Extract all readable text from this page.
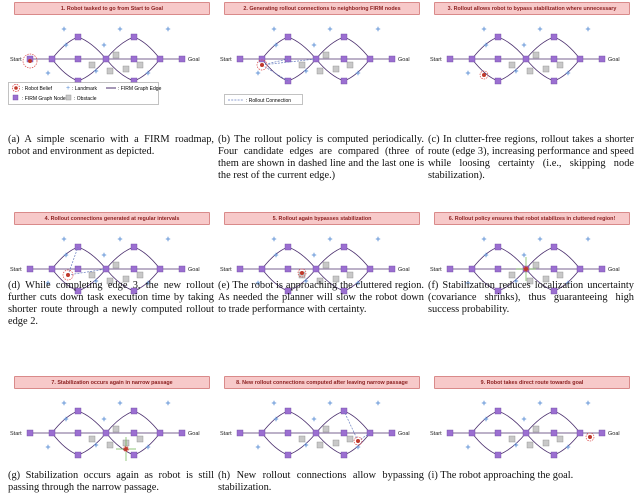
1. Robot tasked to go from Start to Goal
Start	Goal
(a) A simple scenario with a FIRM roadmap, robot and environment as depicted.
2. Generating rollout connections to neighboring FIRM nodes
Start	Goal
(b) The rollout policy is computed periodically. Four candidate edges are compared (three of them are shown in dashed line and the last one is the rest of the current edge.)
3. Rollout allows robot to bypass stabilization where unnecessary
Start	Goal
(c) In clutter-free regions, rollout takes a shorter route (edge 3), increasing performance and speed while loosing certainty (i.e., skipping node stabilization).
4. Rollout connections generated at regular intervals
Start	Goal
(d) While completing edge 3, the new rollout further cuts down task execution time by taking shorter route through a newly computed rollout edge 2.
5. Rollout again bypasses stabilization
Start	Goal
(e) The robot is approaching the cluttered region. As needed the planner will slow the robot down to trade performance with certainty.
6. Rollout policy ensures that robot stabilizes in cluttered region!
Start	Goal
(f) Stabilization reduces localization uncertainty (covariance shrinks), thus guaranteeing high success probability.
7. Stabilization occurs again in narrow passage
Start	Goal
(g) Stabilization occurs again as robot is still passing through the narrow passage.
8. New rollout connections computed after leaving narrow passage
Start	Goal
(h) New rollout connections allow bypassing stabilization.
9. Robot takes direct route towards goal
Start	Goal
(i) The robot approaching the goal.
: Robot Belief + : Landmark	: FIRM Graph Edge
: FIRM Graph Node : Obstacle	: Rollout Connection
